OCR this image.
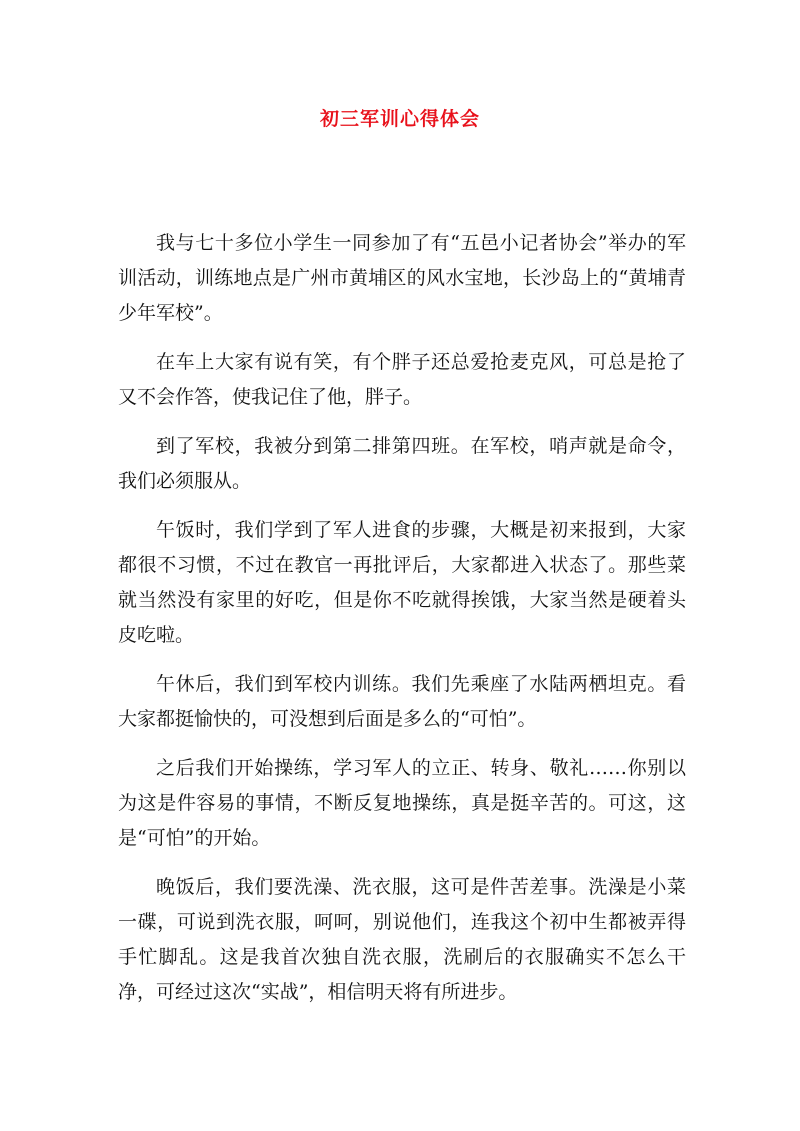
初三军训心得体会

我与七十多位小学生一同参加了有“五邑小记者协会”举办的军训活动，训练地点是广州市黄埔区的风水宝地，长沙岛上的“黄埔青少年军校”。

在车上大家有说有笑，有个胖子还总爱抢麦克风，可总是抢了又不会作答，使我记住了他，胖子。

到了军校，我被分到第二排第四班。在军校，哨声就是命令，我们必须服从。

午饭时，我们学到了军人进食的步骤，大概是初来报到，大家都很不习惯，不过在教官一再批评后，大家都进入状态了。那些菜就当然没有家里的好吃，但是你不吃就得挨饿，大家当然是硬着头皮吃啦。

午休后，我们到军校内训练。我们先乘座了水陆两栖坦克。看大家都挺愉快的，可没想到后面是多么的“可怕”。

之后我们开始操练，学习军人的立正、转身、敬礼……你别以为这是件容易的事情，不断反复地操练，真是挺辛苦的。可这，这是“可怕”的开始。

晚饭后，我们要洗澡、洗衣服，这可是件苦差事。洗澡是小菜一碟，可说到洗衣服，呵呵，别说他们，连我这个初中生都被弄得手忙脚乱。这是我首次独自洗衣服，洗刷后的衣服确实不怎么干净，可经过这次“实战”，相信明天将有所进步。
